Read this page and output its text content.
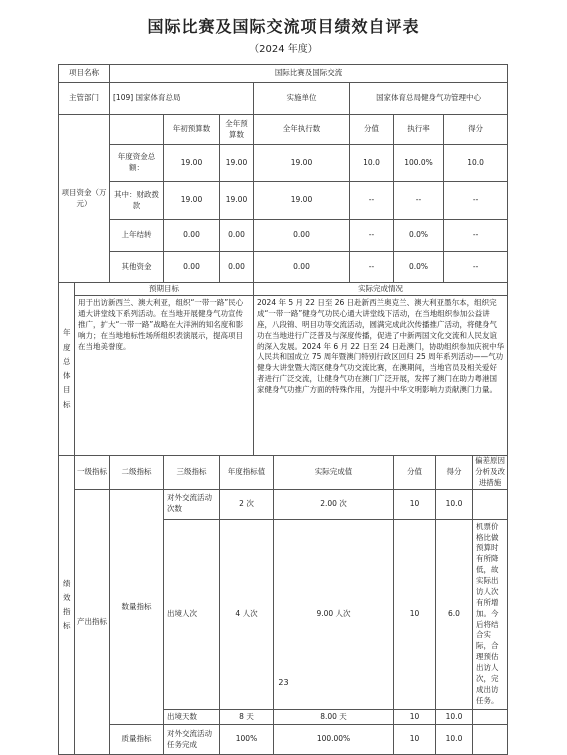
国际比赛及国际交流项目绩效自评表
（2024 年度）
项目名称		国际比赛及国际交流									
主管部门		[109] 国家体育总局			实施单位		国家体育总局健身气功管理中心				
项目资金（万元）			年初预算数	全年预算数	全年执行数		分值	执行率		得分	
		年度资金总额：	19.00	19.00	19.00		10.0	100.0%		10.0	
		其中：财政拨款	19.00	19.00	19.00		--	--		--	
		上年结转	0.00	0.00	0.00		--	0.0%		--	
		其他资金	0.00	0.00	0.00		--	0.0%		--	
年度总体目标	预期目标				实际完成情况						
	用于出访新西兰、澳大利亚，组织“一带一路”民心通大讲堂线下系列活动。在当地开展健身气功宣传推广，扩大“一带一路”战略在大洋洲的知名度和影响力；在当地地标性场所组织表演展示，提高项目在当地美誉度。				2024 年 5 月 22 日至 26 日赴新西兰奥克兰、澳大利亚墨尔本，组织完成“一带一路”健身气功民心通大讲堂线下活动，在当地组织参加公益讲座，八段锦、明目功等交流活动，圆满完成此次传播推广活动，将健身气功在当地进行广泛普及与深度传播，促进了中新两国文化交流和人民友谊的深入发展。2024 年 6 月 22 日至 24 日赴澳门，协助组织参加庆祝中华人民共和国成立 75 周年暨澳门特别行政区回归 25 周年系列活动——气功健身大讲堂暨大湾区健身气功交流比赛，在澳期间，当地官员及相关爱好者进行广泛交流，让健身气功在澳门广泛开展，发挥了澳门在助力粤港国家健身气功推广方面的特殊作用，为提升中华文明影响力贡献澳门力量。						
绩效指标	一级指标	二级指标	三级指标	年度指标值		实际完成值		分值	得分		偏差原因分析及改进措施
	产出指标	数量指标	对外交流活动次数	2 次		2.00 次		10	10.0		
			出境人次	4 人次		9.00 人次		10	6.0		机票价格比做预算时有所降低，故实际出访人次有所增加。今后将结合实际，合理预估出访人次，完成出访任务。
			出境天数	8 天		8.00 天		10	10.0		
		质量指标	对外交流活动任务完成	100%		100.00%		10	10.0		
23
